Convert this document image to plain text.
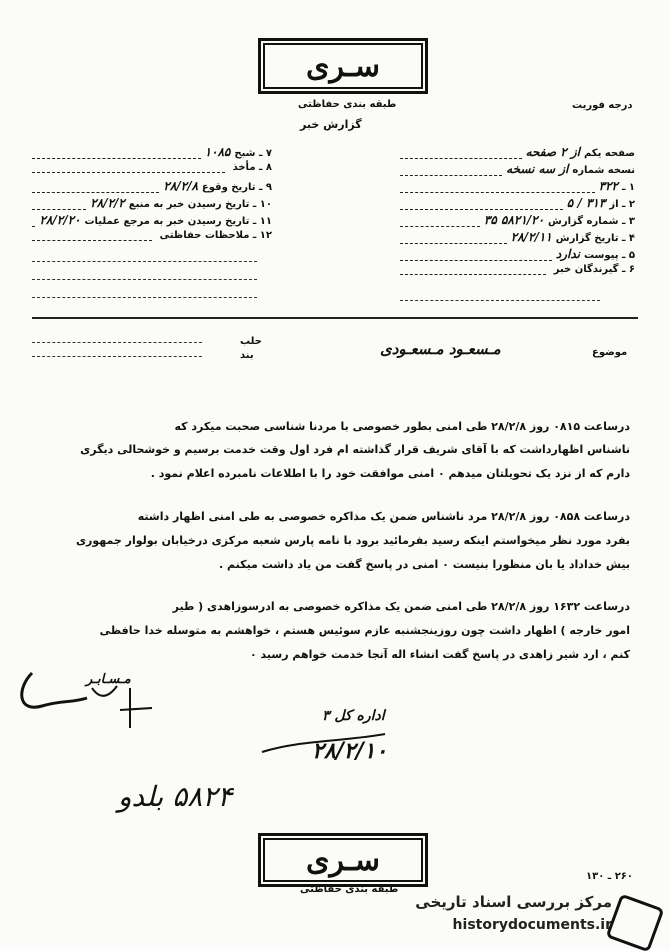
سـرى
طبقه بندی حفاظتی
گزارش خبر
درجه فوریت
۷ ـ شبح
۱۰۸۵
۸ ـ مأخذ
۹ ـ تاریخ وقوع
۲۸/۲/۸
۱۰ ـ تاریخ رسیدن خبر به منبع
۲۸/۲/۲
۱۱ ـ تاریخ رسیدن خبر به مرجع عملیات
۲۸/۲/۲۰
۱۲ ـ ملاحظات حفاظتی
صفحه یکم
از ۲ صفحه
نسخه شماره
از سه نسخه
۱ ـ
۳۲۲
۲ ـ از
۳۱۳ / ۵
۳ ـ شماره گزارش
۵۸۲۱/۲۰ ۳۵
۴ ـ تاریخ گزارش
۲۸/۲/۱۱
۵ ـ پیوست
ندارد
۶ ـ گیرندگان خبر
حلب
بند	موضوع
مـسعـود مـسعـودی
درساعت ۰۸۱۵ روز ۲۸/۲/۸ طی امنی بطور خصوصی با مردنا شناسی صحبت میکرد که
ناشناس اظهارداشت که با آقای شریف قرار گذاشته ام فرد اول وقت خدمت برسیم و خوشحالی دیگری
دارم که از نزد یک تحویلتان میدهم ۰ امنی موافقت خود را با اطلاعات نامبرده اعلام نمود .
درساعت ۰۸۵۸ روز ۲۸/۲/۸ مرد ناشناس ضمن یک مذاکره خصوصی به طی امنی اظهار داشته
بفرد مورد نظر میخواستم اینکه رسید بفرمائید برود با نامه پارس شعبه مرکزی درخیابان بولوار جمهوری
بیش خداداد یا بان منظورا بنیست ۰ امنی در پاسخ گفت من یاد داشت میکنم .
درساعت ۱۶۳۲ روز ۲۸/۲/۸ طی امنی ضمن یک مذاکره خصوصی به ادرسوزاهدی ( طیر
امور خارجه ) اظهار داشت چون روزینجشنبه عازم سوئیس هستم ، خواهشم به متوسله خدا حافظی
کنم ، ارد شیر زاهدی در پاسخ گفت انشاء اله آنجا خدمت خواهم رسید ۰
مـسـابـر
اداره کل ۳
۲۸/۲/۱۰
۵۸۲۴ بلدو
سـرى
طبقه بندی حفاظتی
۲۶۰ ـ ۱۳۰
مرکز بررسی اسناد تاریخی
historydocuments.ir
